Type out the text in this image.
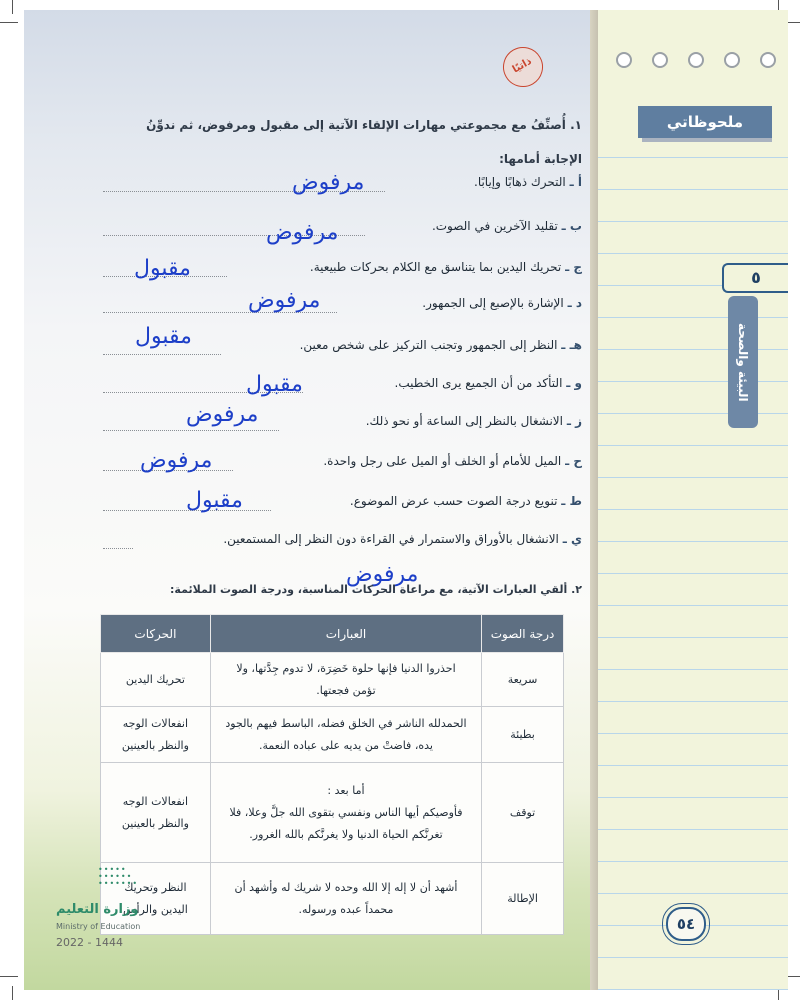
ملحوظاتي
٥
البيئة والصحة
٥٤
ذاتيًا
١. أُصنِّفُ مع مجموعتي مهارات الإلقاء الآتية إلى مقبول ومرفوض، ثم ندوِّنُ الإجابة أمامها:
أ ـ التحرك ذهابًا وإيابًا.
مرفوض
ب ـ تقليد الآخرين في الصوت.
مرفوض
ج ـ تحريك اليدين بما يتناسق مع الكلام بحركات طبيعية.
مقبول
د ـ الإشارة بالإصبع إلى الجمهور.
مرفوض
هـ ـ النظر إلى الجمهور وتجنب التركيز على شخص معين.
مقبول
و ـ التأكد من أن الجميع يرى الخطيب.
مقبول
ز ـ الانشغال بالنظر إلى الساعة أو نحو ذلك.
مرفوض
ح ـ الميل للأمام أو الخلف أو الميل على رجل واحدة.
مرفوض
ط ـ تنويع درجة الصوت حسب عرض الموضوع.
مقبول
ي ـ الانشغال بالأوراق والاستمرار في القراءة دون النظر إلى المستمعين.
مرفوض
٢. ألقي العبارات الآتية، مع مراعاة الحركات المناسبة، ودرجة الصوت الملائمة:
درجة الصوت	العبارات	الحركات
سريعة	احذروا الدنيا فإنها حلوة خَضِرَة، لا تدوم جِدَّتها، ولا
تؤمن فجعتها.	تحريك اليدين

بطيئة	الحمدلله الناشر في الخلق فضله، الباسط فيهم بالجود
يده، فاضتْ من يديه على عباده النعمة.	انفعالات الوجه
والنظر بالعينين

توقف	أما بعد :
فأوصيكم أيها الناس ونفسي بتقوى الله جلَّ وعلا، فلا
تغرنَّكم الحياة الدنيا ولا يغرنَّكم بالله الغرور.	انفعالات الوجه
والنظر بالعينين

الإطالة	أشهد أن لا إله إلا الله وحده لا شريك له وأشهد أن
محمداً عبده ورسوله.	النظر وتحريك
اليدين والرأس
•••••
••••••
•••••••
وزارة التعليم
Ministry of Education
2022 - 1444
